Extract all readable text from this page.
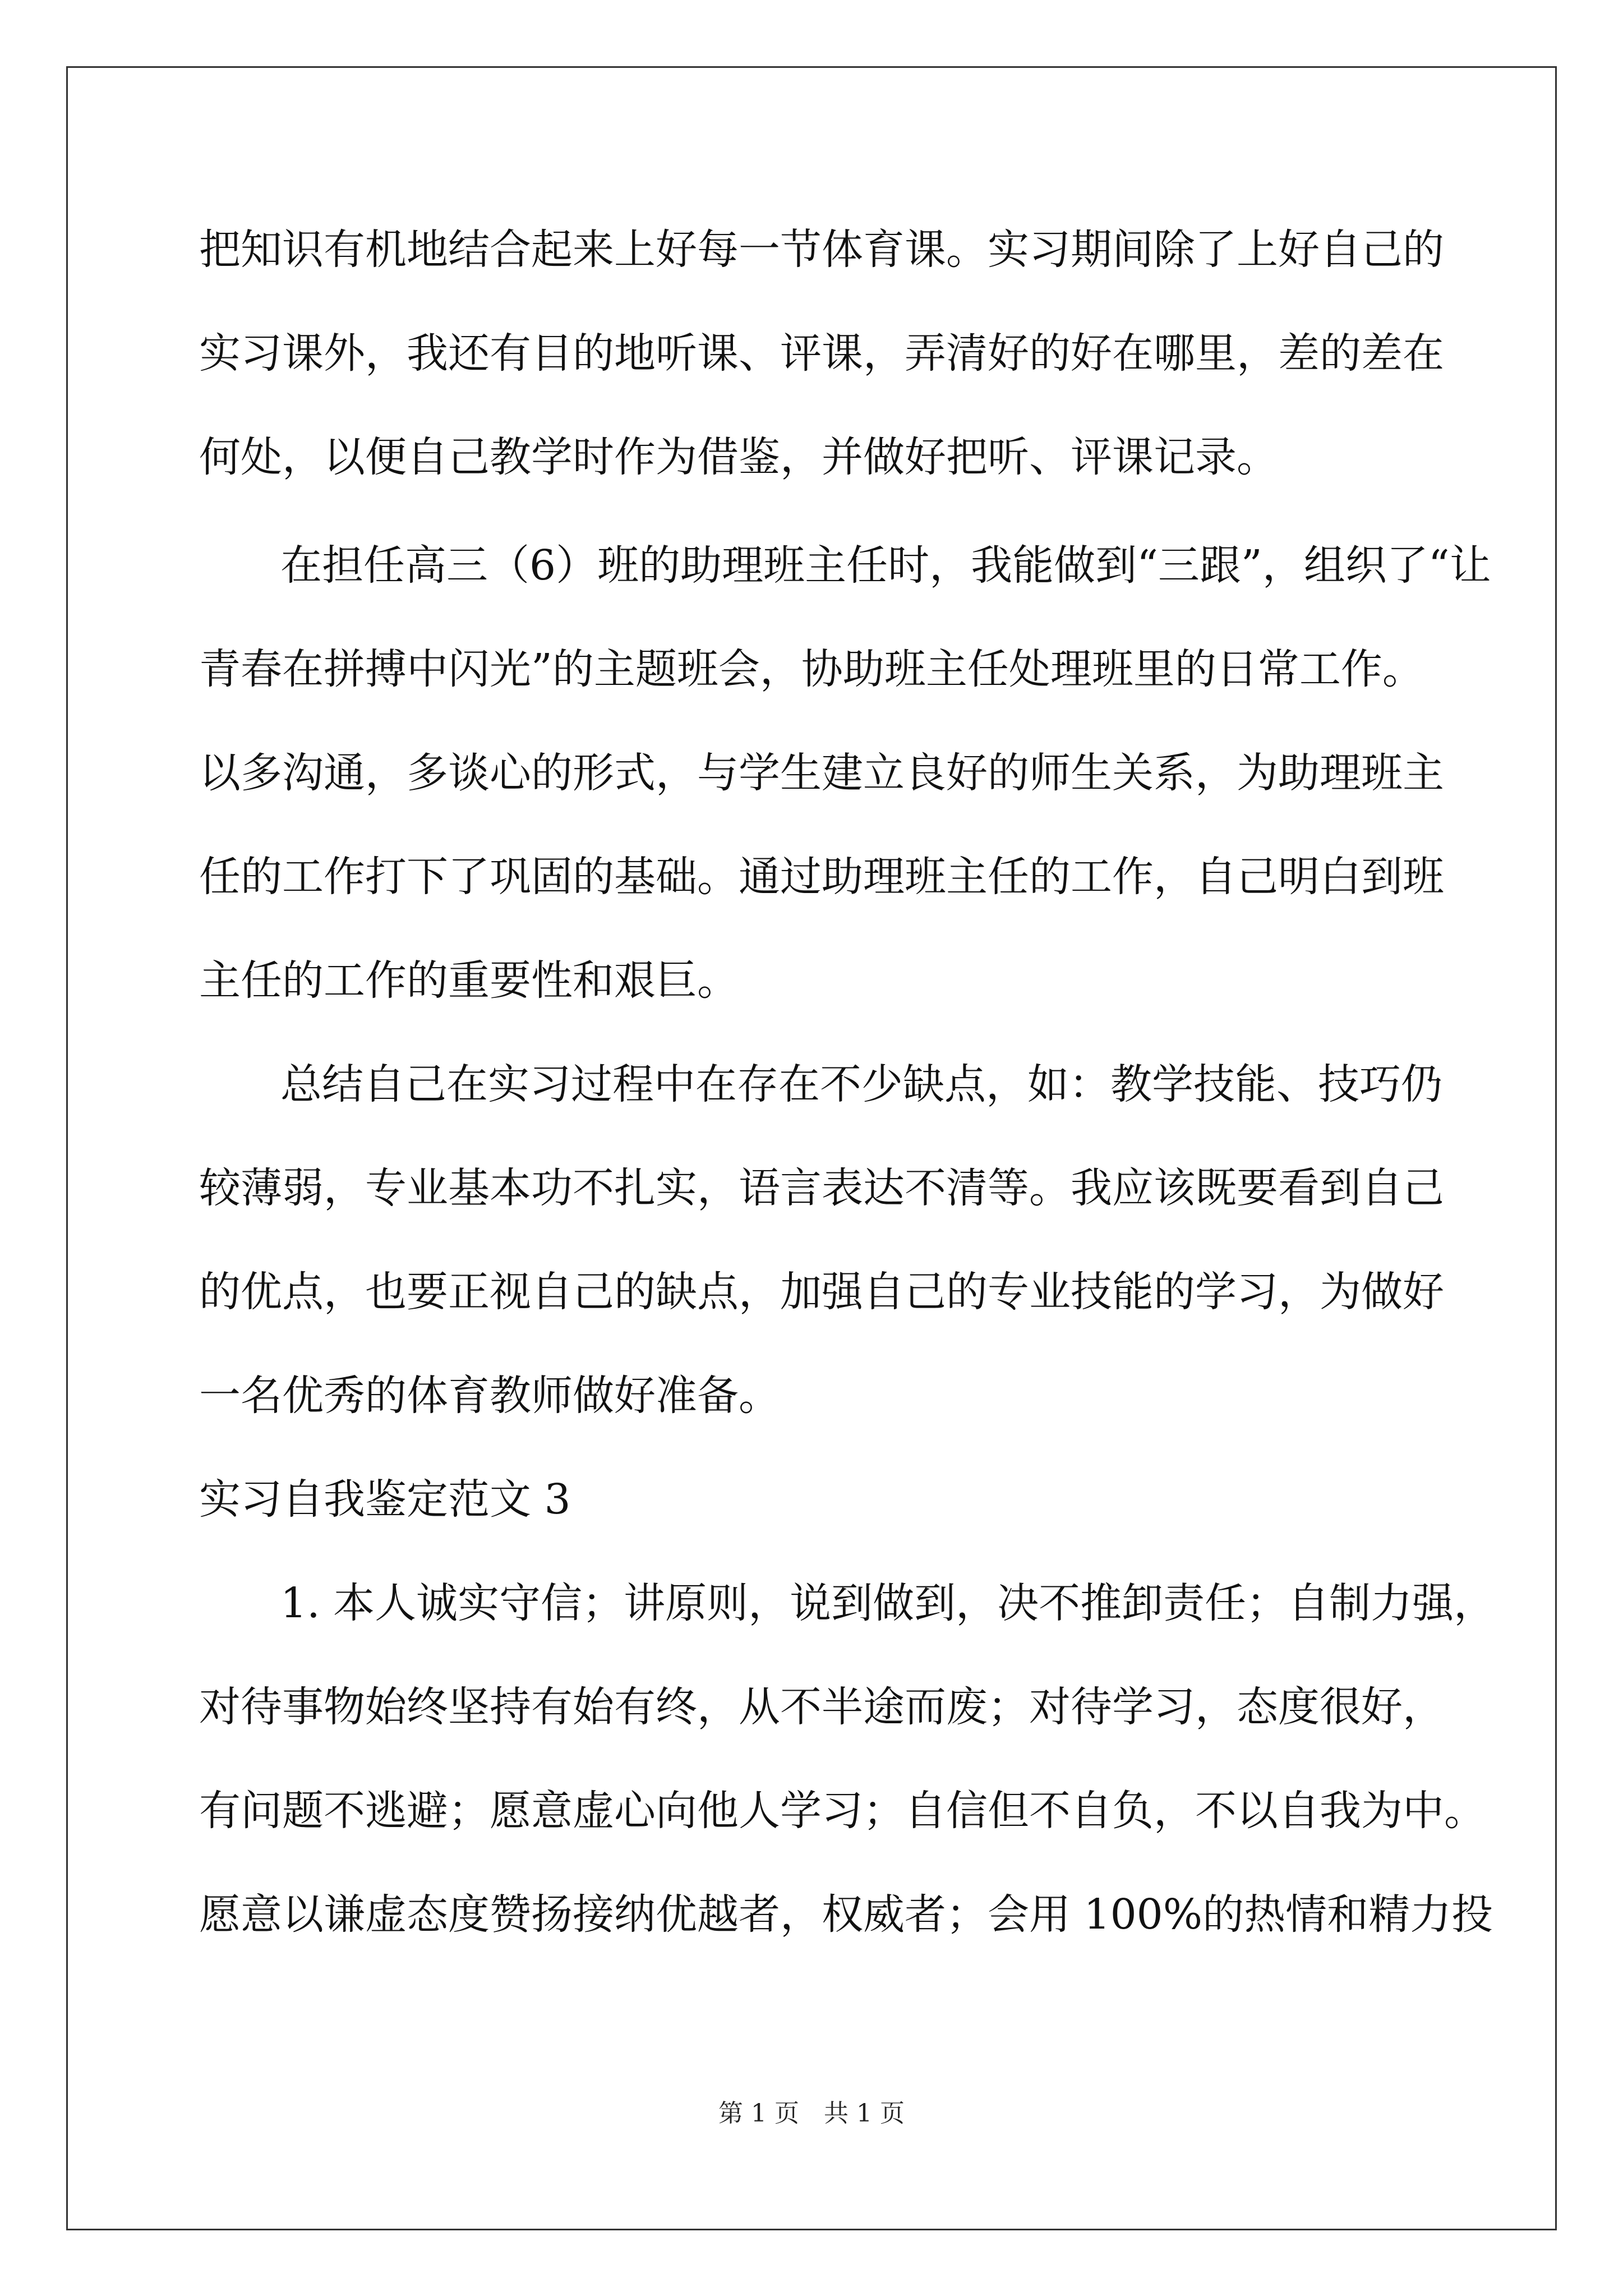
把知识有机地结合起来上好每一节体育课。实习期间除了上好自己的
实习课外，我还有目的地听课、评课，弄清好的好在哪里，差的差在
何处，以便自己教学时作为借鉴，并做好把听、评课记录。
在担任高三（6）班的助理班主任时，我能做到“三跟”，组织了“让
青春在拼搏中闪光”的主题班会，协助班主任处理班里的日常工作。
以多沟通，多谈心的形式，与学生建立良好的师生关系，为助理班主
任的工作打下了巩固的基础。通过助理班主任的工作，自己明白到班
主任的工作的重要性和艰巨。
总结自己在实习过程中在存在不少缺点，如：教学技能、技巧仍
较薄弱，专业基本功不扎实，语言表达不清等。我应该既要看到自己
的优点，也要正视自己的缺点，加强自己的专业技能的学习，为做好
一名优秀的体育教师做好准备。
实习自我鉴定范文 3
1. 本人诚实守信；讲原则，说到做到，决不推卸责任；自制力强，
对待事物始终坚持有始有终，从不半途而废；对待学习，态度很好，
有问题不逃避；愿意虚心向他人学习；自信但不自负，不以自我为中。
愿意以谦虚态度赞扬接纳优越者，权威者；会用 100%的热情和精力投
第 1 页　共 1 页
